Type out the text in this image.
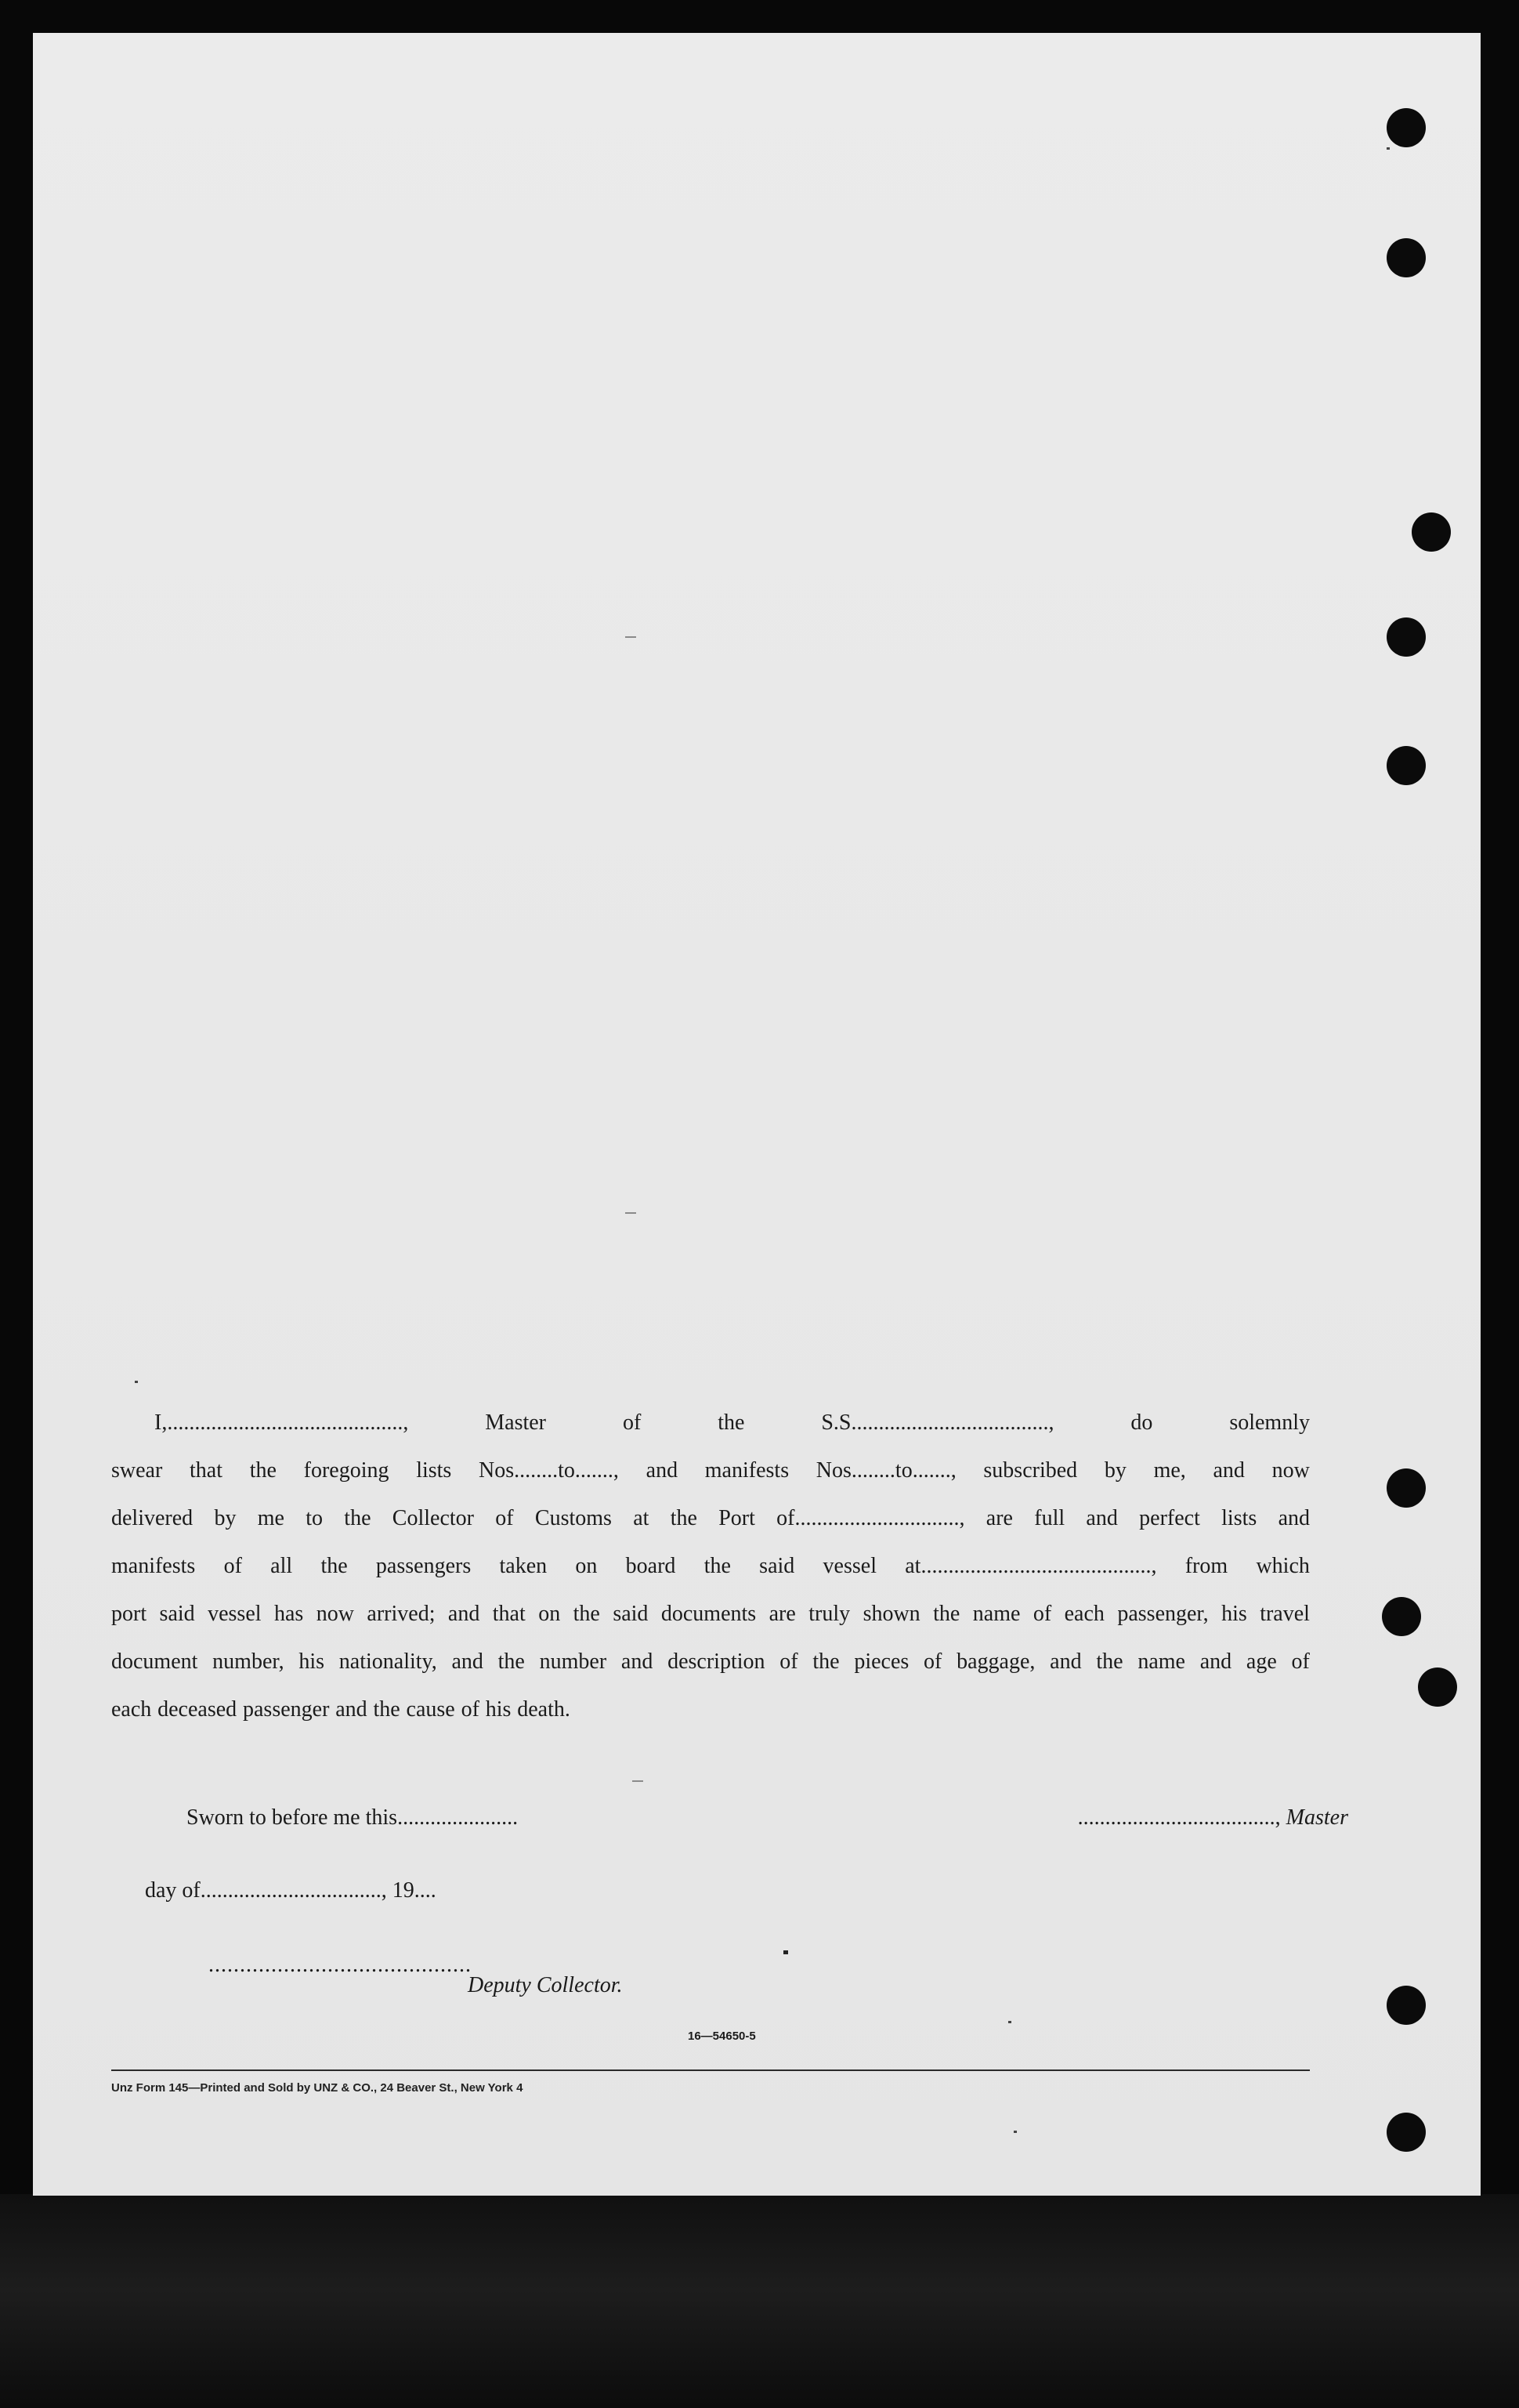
I,...........................................,	Master	of	the	S.S....................................,	do	solemnly
swear that the foregoing lists Nos........to......., and manifests Nos........to......., subscribed by me, and now
delivered by me to the Collector of Customs at the Port of.............................., are full and perfect lists and
manifests of all the passengers taken on board the said vessel at.........................................., from which
port said vessel has now arrived; and that on the said documents are truly shown the name of each passenger, his travel
document number, his nationality, and the number and description of the pieces of baggage, and the name and age of
each deceased passenger and the cause of his death.
Sworn to before me this......................	...................................., Master
day of................................., 19....
..........................................
Deputy Collector.
16—54650-5
Unz Form 145—Printed and Sold by UNZ & CO., 24 Beaver St., New York 4
